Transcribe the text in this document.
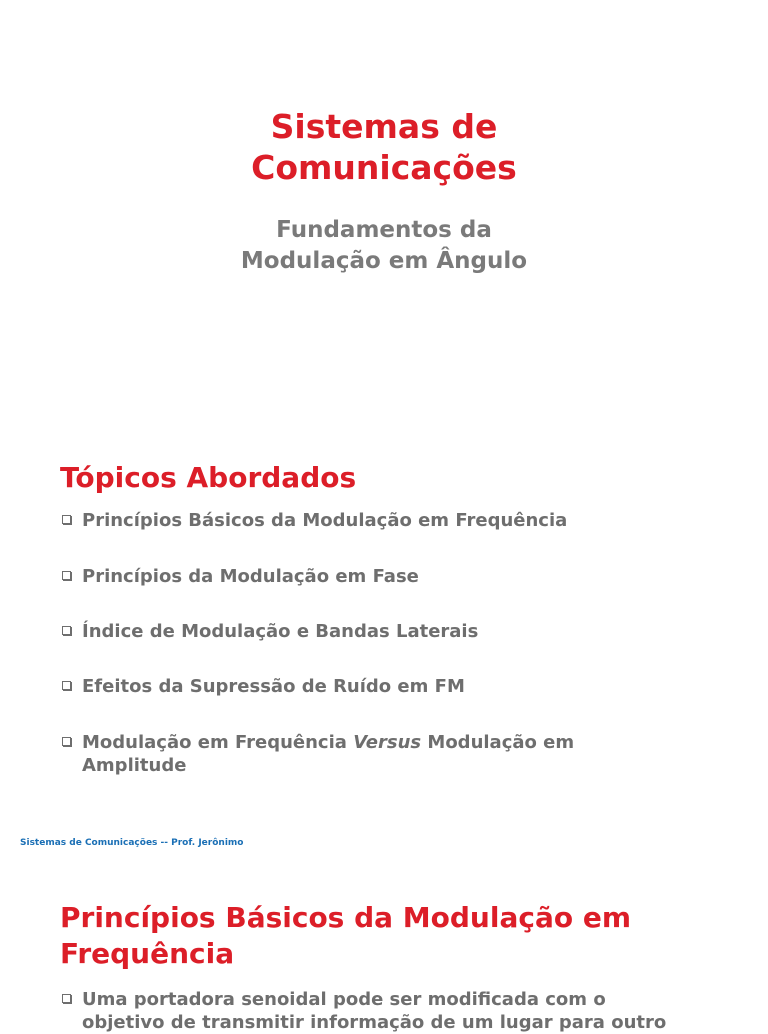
Sistemas de
Comunicações
Fundamentos da
Modulação em Ângulo
Tópicos Abordados
Princípios Básicos da Modulação em Frequência
Princípios da Modulação em Fase
Índice de Modulação e Bandas Laterais
Efeitos da Supressão de Ruído em FM
Modulação em Frequência Versus Modulação em
Amplitude
Sistemas de Comunicações -- Prof. Jerônimo
Princípios Básicos da Modulação em
Frequência
Uma portadora senoidal pode ser modificada com o
objetivo de transmitir informação de um lugar para outro
